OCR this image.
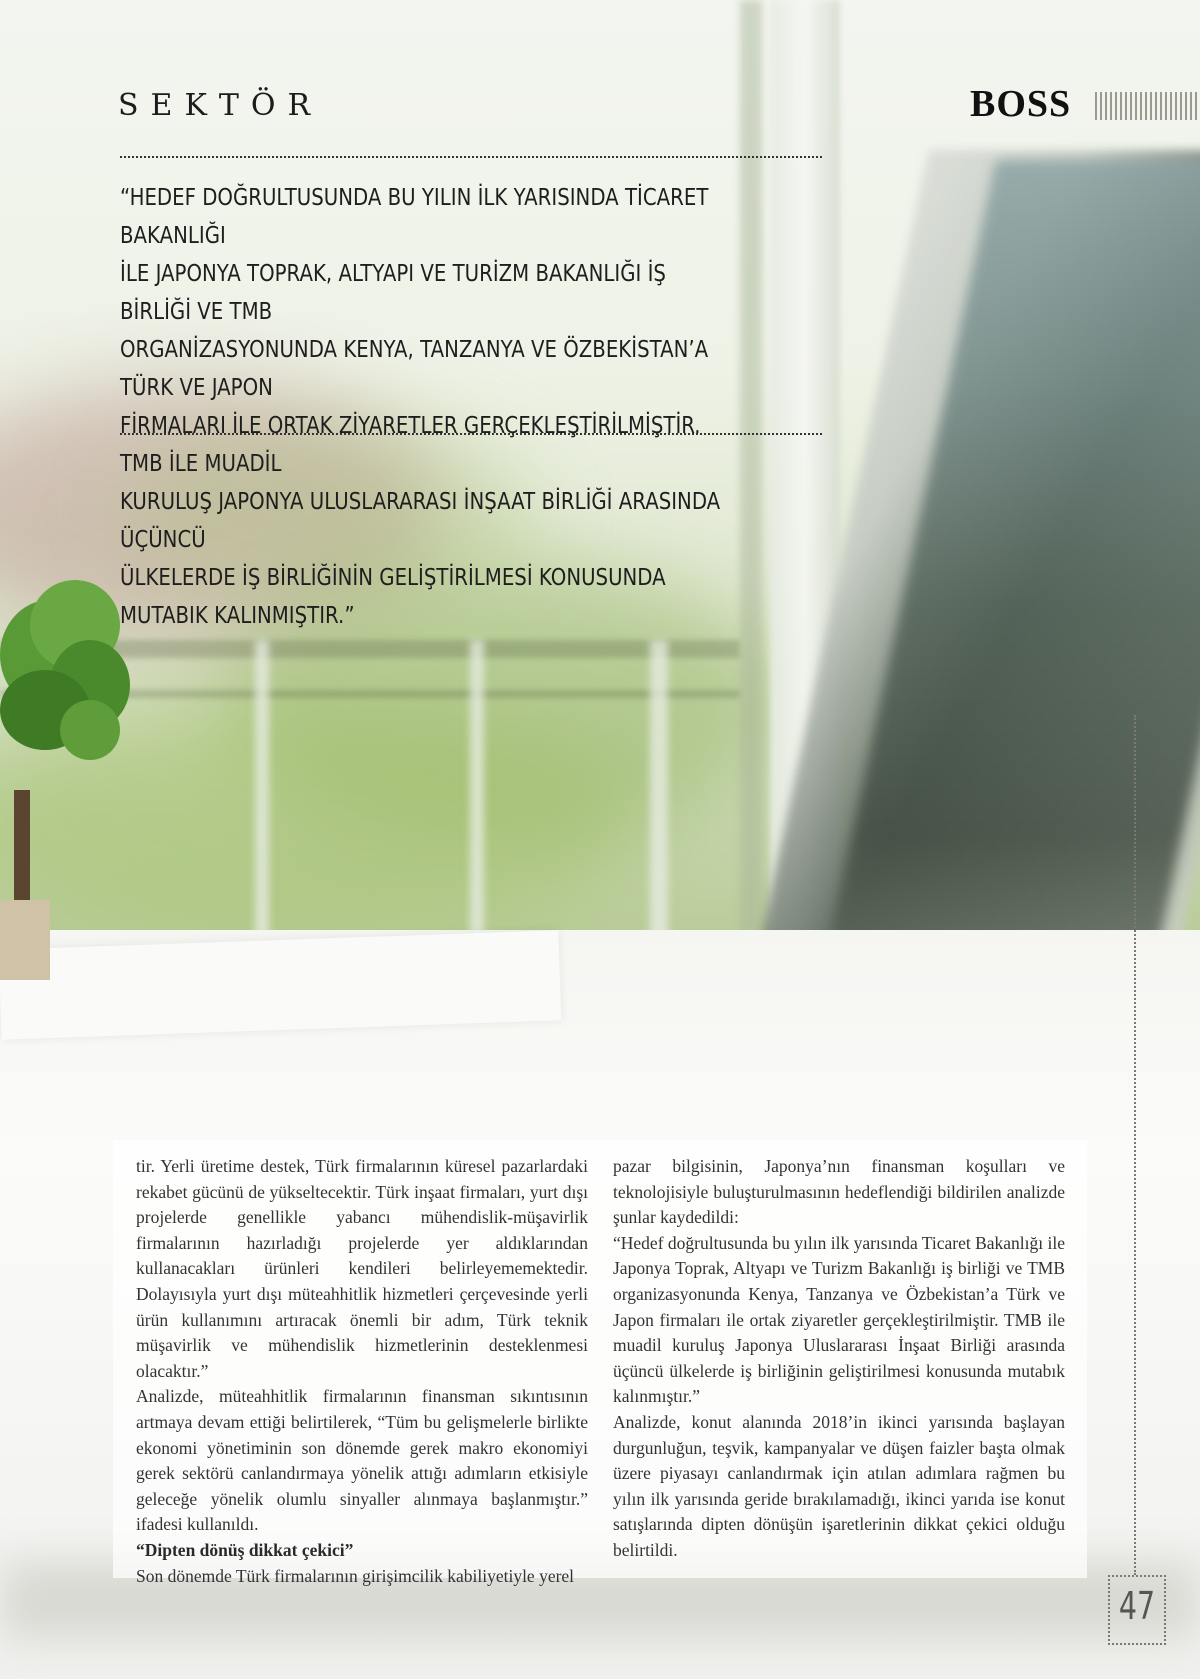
SEKTÖR	BOSS

“HEDEF DOĞRULTUSUNDA BU YILIN İLK YARISINDA TİCARET BAKANLIĞI
İLE JAPONYA TOPRAK, ALTYAPI VE TURİZM BAKANLIĞI İŞ BİRLİĞİ VE TMB
ORGANİZASYONUNDA KENYA, TANZANYA VE ÖZBEKİSTAN’A TÜRK VE JAPON
FİRMALARI İLE ORTAK ZİYARETLER GERÇEKLEŞTİRİLMİŞTİR. TMB İLE MUADİL
KURULUŞ JAPONYA ULUSLARARASI İNŞAAT BİRLİĞİ ARASINDA ÜÇÜNCÜ
ÜLKELERDE İŞ BİRLİĞİNİN GELİŞTİRİLMESİ KONUSUNDA MUTABIK KALINMIŞTIR.”

tir. Yerli üretime destek, Türk firmalarının küresel pazarlardaki rekabet gücünü de yükseltecektir. Türk inşaat firmaları, yurt dışı projelerde genellikle yabancı mühendislik-müşavirlik firmalarının hazırladığı projelerde yer aldıklarından kullanacakları ürünleri kendileri belirleyememektedir. Dolayısıyla yurt dışı müteahhitlik hizmetleri çerçevesinde yerli ürün kullanımını artıracak önemli bir adım, Türk teknik müşavirlik ve mühendislik hizmetlerinin desteklenmesi olacaktır.”

Analizde, müteahhitlik firmalarının finansman sıkıntısının artmaya devam ettiği belirtilerek, “Tüm bu gelişmelerle birlikte ekonomi yönetiminin son dönemde gerek makro ekonomiyi gerek sektörü canlandırmaya yönelik attığı adımların etkisiyle geleceğe yönelik olumlu sinyaller alınmaya başlanmıştır.” ifadesi kullanıldı.

“Dipten dönüş dikkat çekici”

Son dönemde Türk firmalarının girişimcilik kabiliyetiyle yerel

pazar bilgisinin, Japonya’nın finansman koşulları ve teknolojisiyle buluşturulmasının hedeflendiği bildirilen analizde şunlar kaydedildi:

“Hedef doğrultusunda bu yılın ilk yarısında Ticaret Bakanlığı ile Japonya Toprak, Altyapı ve Turizm Bakanlığı iş birliği ve TMB organizasyonunda Kenya, Tanzanya ve Özbekistan’a Türk ve Japon firmaları ile ortak ziyaretler gerçekleştirilmiştir. TMB ile muadil kuruluş Japonya Uluslararası İnşaat Birliği arasında üçüncü ülkelerde iş birliğinin geliştirilmesi konusunda mutabık kalınmıştır.”

Analizde, konut alanında 2018’in ikinci yarısında başlayan durgunluğun, teşvik, kampanyalar ve düşen faizler başta olmak üzere piyasayı canlandırmak için atılan adımlara rağmen bu yılın ilk yarısında geride bırakılamadığı, ikinci yarıda ise konut satışlarında dipten dönüşün işaretlerinin dikkat çekici olduğu belirtildi.

47
